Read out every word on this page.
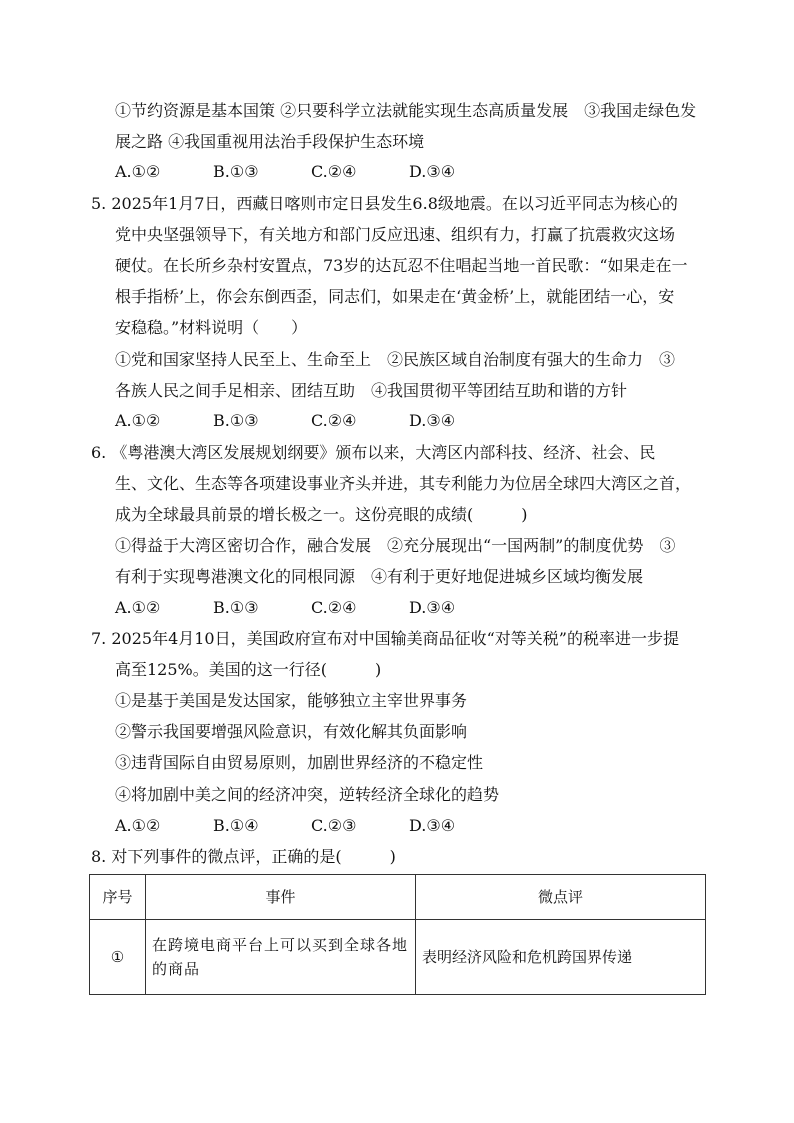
①节约资源是基本国策 ②只要科学立法就能实现生态高质量发展　③我国走绿色发
展之路 ④我国重视用法治手段保护生态环境
A.①②	B.①③	C.②④	D.③④
5. 2025年1月7日，西藏日喀则市定日县发生6.8级地震。在以习近平同志为核心的
党中央坚强领导下，有关地方和部门反应迅速、组织有力，打赢了抗震救灾这场
硬仗。在长所乡杂村安置点，73岁的达瓦忍不住唱起当地一首民歌：“如果走在一
根手指桥’上，你会东倒西歪，同志们，如果走在‘黄金桥’上，就能团结一心，安
安稳稳。”材料说明（　　）
①党和国家坚持人民至上、生命至上　②民族区域自治制度有强大的生命力　③
各族人民之间手足相亲、团结互助　④我国贯彻平等团结互助和谐的方针
A.①②	B.①③	C.②④	D.③④
6. 《粤港澳大湾区发展规划纲要》颁布以来，大湾区内部科技、经济、社会、民
生、文化、生态等各项建设事业齐头并进，其专利能力为位居全球四大湾区之首，
成为全球最具前景的增长极之一。这份亮眼的成绩(　　　)
①得益于大湾区密切合作，融合发展　②充分展现出“一国两制”的制度优势　③
有利于实现粤港澳文化的同根同源　④有利于更好地促进城乡区域均衡发展
A.①②	B.①③	C.②④	D.③④
7. 2025年4月10日，美国政府宣布对中国输美商品征收“对等关税”的税率进一步提
高至125%。美国的这一行径(　　　)
①是基于美国是发达国家，能够独立主宰世界事务
②警示我国要增强风险意识，有效化解其负面影响
③违背国际自由贸易原则，加剧世界经济的不稳定性
④将加剧中美之间的经济冲突，逆转经济全球化的趋势
A.①②	B.①④	C.②③	D.③④
8. 对下列事件的微点评，正确的是(　　　)
序号	事件	微点评
①	在跨境电商平台上可以买到全球各地的商品	表明经济风险和危机跨国界传递
